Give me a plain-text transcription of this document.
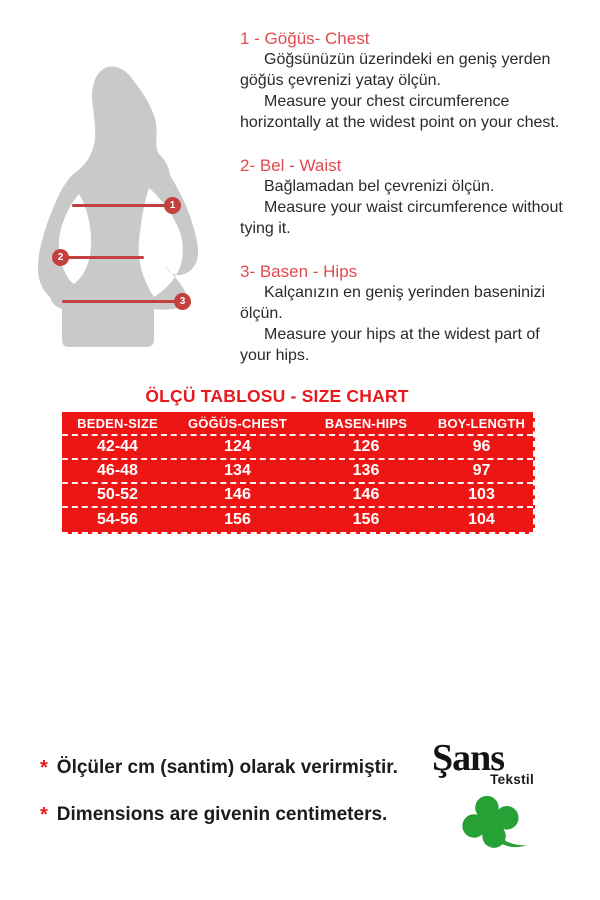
1
2
3
1 - Göğüs- Chest
Göğsünüzün üzerindeki en geniş yerden
göğüs çevrenizi yatay ölçün.
Measure your chest circumference
horizontally at the widest point on your chest.
2- Bel - Waist
Bağlamadan bel çevrenizi ölçün.
Measure your waist circumference without
tying it.
3- Basen - Hips
Kalçanızın en geniş yerinden baseninizi
ölçün.
Measure your hips at the widest part of
your hips.
ÖLÇÜ TABLOSU - SIZE CHART
BEDEN-SIZE	GÖĞÜS-CHEST	BASEN-HIPS	BOY-LENGTH
42-44	124	126	96
46-48	134	136	97
50-52	146	146	103
54-56	156	156	104
* Ölçüler cm (santim) olarak verirmiştir.
* Dimensions are givenin centimeters.
Şans
Tekstil
